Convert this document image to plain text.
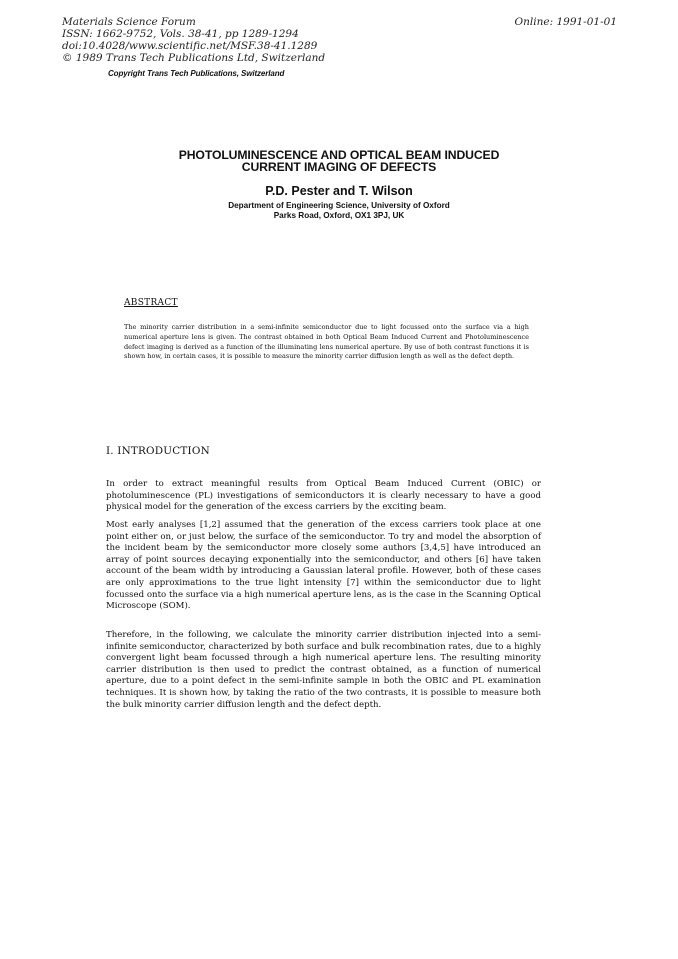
Materials Science Forum
ISSN: 1662-9752, Vols. 38-41, pp 1289-1294
doi:10.4028/www.scientific.net/MSF.38-41.1289
© 1989 Trans Tech Publications Ltd, Switzerland
Online: 1991-01-01
Copyright Trans Tech Publications, Switzerland
PHOTOLUMINESCENCE AND OPTICAL BEAM INDUCED
CURRENT IMAGING OF DEFECTS
P.D. Pester and T. Wilson
Department of Engineering Science, University of Oxford
Parks Road, Oxford, OX1 3PJ, UK
ABSTRACT
The minority carrier distribution in a semi-infinite semiconductor due to light focussed onto the surface via a high numerical aperture lens is given. The contrast obtained in both Optical Beam Induced Current and Photoluminescence defect imaging is derived as a function of the illuminating lens numerical aperture. By use of both contrast functions it is shown how, in certain cases, it is possible to measure the minority carrier diffusion length as well as the defect depth.
I. INTRODUCTION

In order to extract meaningful results from Optical Beam Induced Current (OBIC) or photoluminescence (PL) investigations of semiconductors it is clearly necessary to have a good physical model for the generation of the excess carriers by the exciting beam.

Most early analyses [1,2] assumed that the generation of the excess carriers took place at one point either on, or just below, the surface of the semiconductor. To try and model the absorption of the incident beam by the semiconductor more closely some authors [3,4,5] have introduced an array of point sources decaying exponentially into the semiconductor, and others [6] have taken account of the beam width by introducing a Gaussian lateral profile. However, both of these cases are only approximations to the true light intensity [7] within the semiconductor due to light focussed onto the surface via a high numerical aperture lens, as is the case in the Scanning Optical Microscope (SOM).

Therefore, in the following, we calculate the minority carrier distribution injected into a semi-infinite semiconductor, characterized by both surface and bulk recombination rates, due to a highly convergent light beam focussed through a high numerical aperture lens. The resulting minority carrier distribution is then used to predict the contrast obtained, as a function of numerical aperture, due to a point defect in the semi-infinite sample in both the OBIC and PL examination techniques. It is shown how, by taking the ratio of the two contrasts, it is possible to measure both the bulk minority carrier diffusion length and the defect depth.
